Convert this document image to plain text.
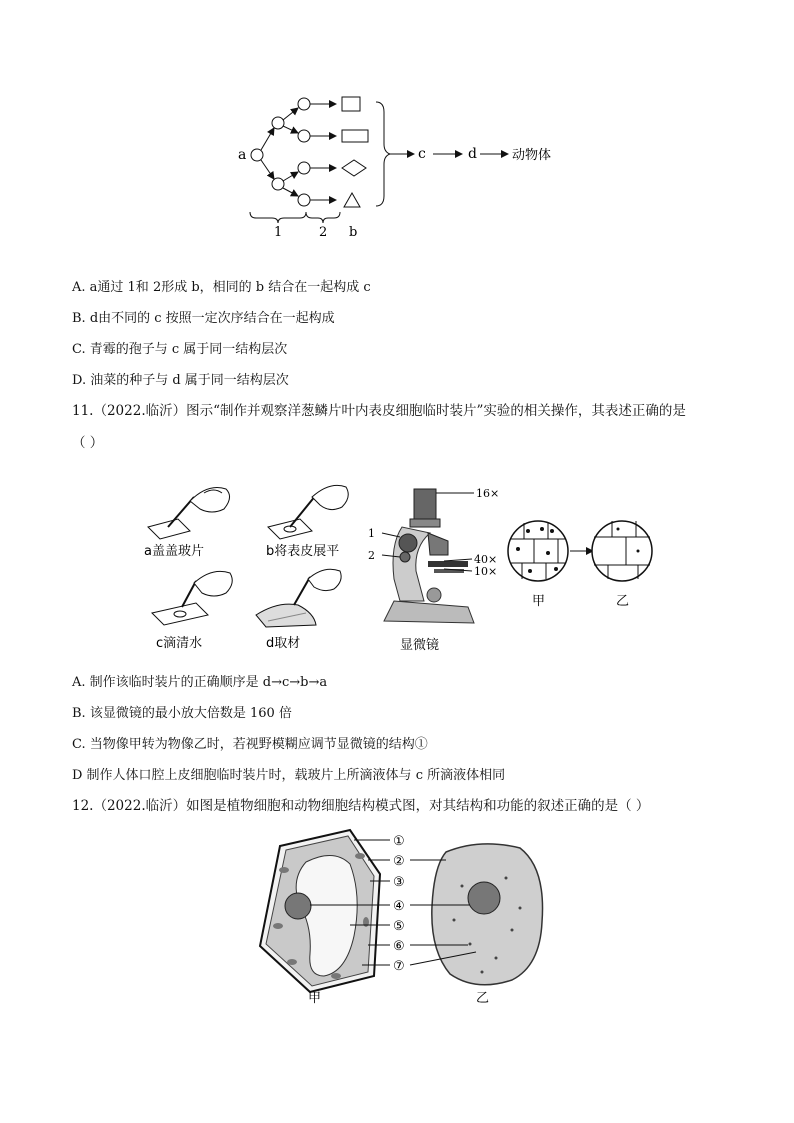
a	c	d	动物体
1	2 b
A. a通过 1和 2形成 b，相同的 b 结合在一起构成 c
B. d由不同的 c 按照一定次序结合在一起构成
C. 青霉的孢子与 c 属于同一结构层次
D. 油菜的种子与 d 属于同一结构层次
11.（2022.临沂）图示“制作并观察洋葱鳞片叶内表皮细胞临时装片”实验的相关操作，其表述正确的是
（ ）
a盖盖玻片	b将表皮展平
c滴清水	d取材
16×
40×
10×
1
2
显微镜
甲	乙
A. 制作该临时装片的正确顺序是 d→c→b→a
B. 该显微镜的最小放大倍数是 160 倍
C. 当物像甲转为物像乙时，若视野模糊应调节显微镜的结构①
D 制作人体口腔上皮细胞临时装片时，载玻片上所滴液体与 c 所滴液体相同
12.（2022.临沂）如图是植物细胞和动物细胞结构模式图，对其结构和功能的叙述正确的是（ ）
①
②
③
④
⑤
⑥
⑦
甲	乙
